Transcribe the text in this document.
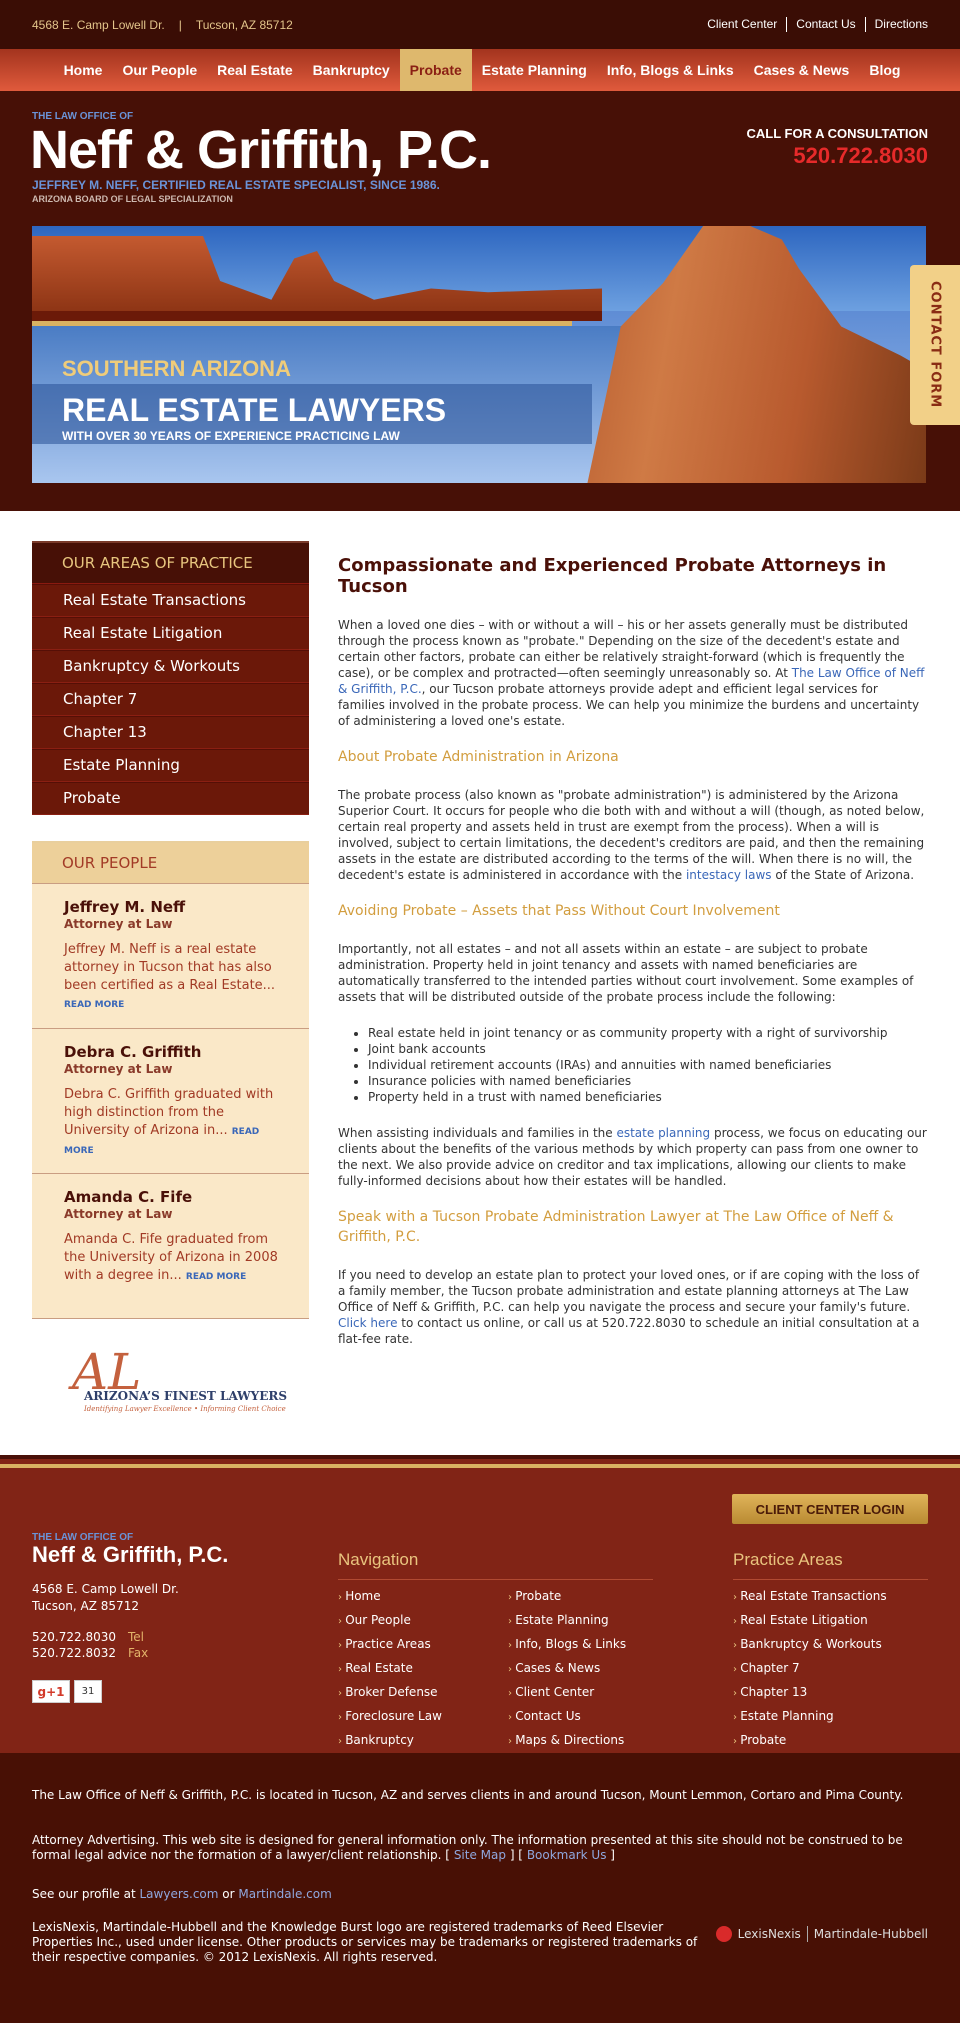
4568 E. Camp Lowell Dr. | Tucson, AZ 85712	Client Center	Contact Us	Directions
Home	Our People	Real Estate	Bankruptcy	Probate	Estate Planning	Info, Blogs & Links	Cases & News	Blog
THE LAW OFFICE OF
Neff & Griffith, P.C.
JEFFREY M. NEFF, CERTIFIED REAL ESTATE SPECIALIST, SINCE 1986.
ARIZONA BOARD OF LEGAL SPECIALIZATION
CALL FOR A CONSULTATION
520.722.8030
SOUTHERN ARIZONA
REAL ESTATE LAWYERS
WITH OVER 30 YEARS OF EXPERIENCE PRACTICING LAW
CONTACT FORM
OUR AREAS OF PRACTICE
Real Estate Transactions
Real Estate Litigation
Bankruptcy & Workouts
Chapter 7
Chapter 13
Estate Planning
Probate
OUR PEOPLE
Jeffrey M. Neff
Attorney at Law
Jeffrey M. Neff is a real estate attorney in Tucson that has also been certified as a Real Estate... READ MORE
Debra C. Griffith
Attorney at Law
Debra C. Griffith graduated with high distinction from the University of Arizona in... READ MORE
Amanda C. Fife
Attorney at Law
Amanda C. Fife graduated from the University of Arizona in 2008 with a degree in... READ MORE
AL
ARIZONA’S FINEST LAWYERS
Identifying Lawyer Excellence • Informing Client Choice
Compassionate and Experienced Probate Attorneys in Tucson

When a loved one dies – with or without a will – his or her assets generally must be distributed through the process known as "probate." Depending on the size of the decedent's estate and certain other factors, probate can either be relatively straight-forward (which is frequently the case), or be complex and protracted—often seemingly unreasonably so. At The Law Office of Neff & Griffith, P.C., our Tucson probate attorneys provide adept and efficient legal services for families involved in the probate process. We can help you minimize the burdens and uncertainty of administering a loved one's estate.

About Probate Administration in Arizona

The probate process (also known as "probate administration") is administered by the Arizona Superior Court. It occurs for people who die both with and without a will (though, as noted below, certain real property and assets held in trust are exempt from the process). When a will is involved, subject to certain limitations, the decedent's creditors are paid, and then the remaining assets in the estate are distributed according to the terms of the will. When there is no will, the decedent's estate is administered in accordance with the intestacy laws of the State of Arizona.

Avoiding Probate – Assets that Pass Without Court Involvement

Importantly, not all estates – and not all assets within an estate – are subject to probate administration. Property held in joint tenancy and assets with named beneficiaries are automatically transferred to the intended parties without court involvement. Some examples of assets that will be distributed outside of the probate process include the following:

• Real estate held in joint tenancy or as community property with a right of survivorship
• Joint bank accounts
• Individual retirement accounts (IRAs) and annuities with named beneficiaries
• Insurance policies with named beneficiaries
• Property held in a trust with named beneficiaries

When assisting individuals and families in the estate planning process, we focus on educating our clients about the benefits of the various methods by which property can pass from one owner to the next. We also provide advice on creditor and tax implications, allowing our clients to make fully-informed decisions about how their estates will be handled.

Speak with a Tucson Probate Administration Lawyer at The Law Office of Neff & Griffith, P.C.

If you need to develop an estate plan to protect your loved ones, or if are coping with the loss of a family member, the Tucson probate administration and estate planning attorneys at The Law Office of Neff & Griffith, P.C. can help you navigate the process and secure your family's future. Click here to contact us online, or call us at 520.722.8030 to schedule an initial consultation at a flat-fee rate.

CLIENT CENTER LOGIN
THE LAW OFFICE OF
Neff & Griffith, P.C.
4568 E. Camp Lowell Dr.
Tucson, AZ 85712
520.722.8030 Tel
520.722.8032 Fax
g+1	31
Navigation
› Home
› Our People
› Practice Areas
› Real Estate
› Broker Defense
› Foreclosure Law
› Bankruptcy
› Probate
› Estate Planning
› Info, Blogs & Links
› Cases & News
› Client Center
› Contact Us
› Maps & Directions
Practice Areas
› Real Estate Transactions
› Real Estate Litigation
› Bankruptcy & Workouts
› Chapter 7
› Chapter 13
› Estate Planning
› Probate

The Law Office of Neff & Griffith, P.C. is located in Tucson, AZ and serves clients in and around Tucson, Mount Lemmon, Cortaro and Pima County.

Attorney Advertising. This web site is designed for general information only. The information presented at this site should not be construed to be formal legal advice nor the formation of a lawyer/client relationship. [ Site Map ] [ Bookmark Us ]

See our profile at Lawyers.com or Martindale.com

LexisNexis, Martindale-Hubbell and the Knowledge Burst logo are registered trademarks of Reed Elsevier Properties Inc., used under license. Other products or services may be trademarks or registered trademarks of their respective companies. © 2012 LexisNexis. All rights reserved.

LexisNexis Martindale-Hubbell
